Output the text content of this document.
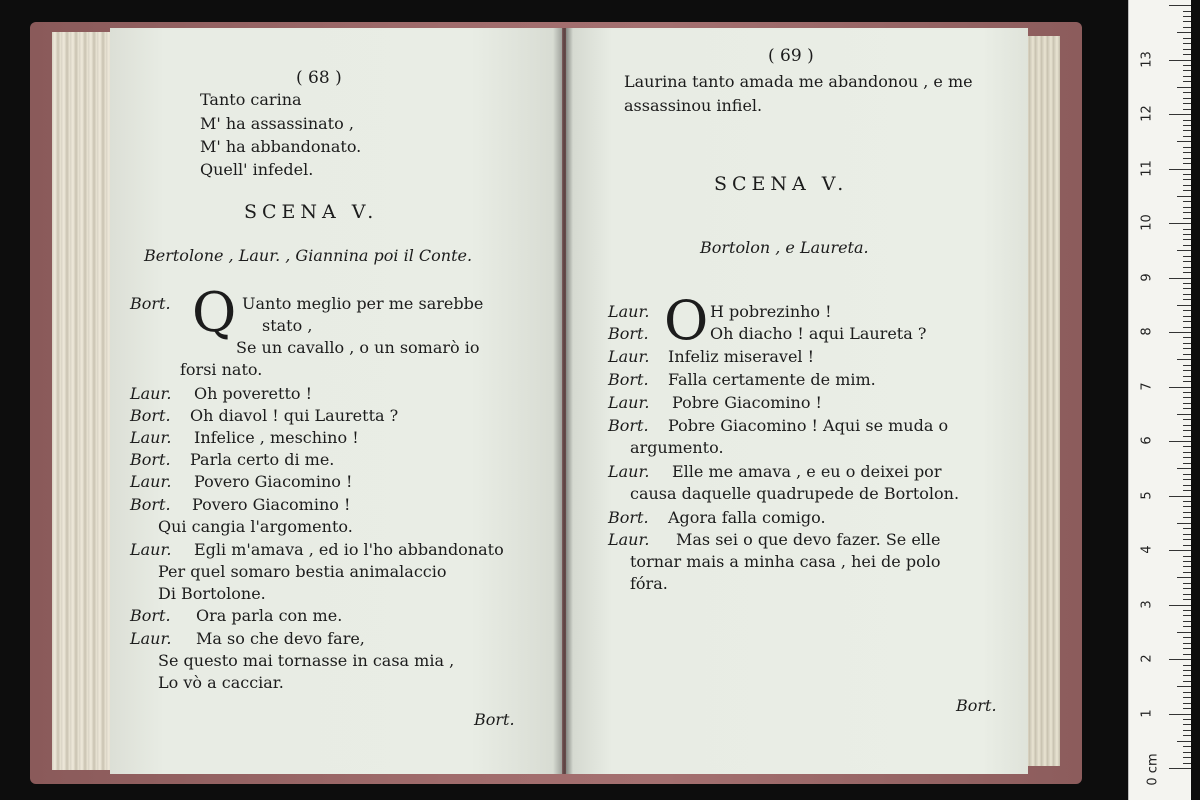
( 68 )
Tanto carina
M' ha assassinato ,
M' ha abbandonato.
Quell' infedel.
SCENA V.
Bertolone , Laur. , Giannina poi il Conte.
Q
Bort.	Uanto meglio per me sarebbe
stato ,
Se un cavallo , o un somarò io
forsi nato.
Laur. Oh poveretto !
Bort. Oh diavol ! qui Lauretta ?
Laur. Infelice , meschino !
Bort. Parla certo di me.
Laur. Povero Giacomino !
Bort. Povero Giacomino !
Qui cangia l'argomento.
Laur. Egli m'amava , ed io l'ho abbandonato
Per quel somaro bestia animalaccio
Di Bortolone.
Bort. Ora parla con me.
Laur. Ma so che devo fare,
Se questo mai tornasse in casa mia ,
Lo vò a cacciar.
Bort.
( 69 )
Laurina tanto amada me abandonou , e me
assassinou infiel.
SCENA V.
Bortolon , e Laureta.
O
Laur.	H pobrezinho !
Bort.	Oh diacho ! aqui Laureta ?
Laur. Infeliz miseravel !
Bort. Falla certamente de mim.
Laur. Pobre Giacomino !
Bort. Pobre Giacomino ! Aqui se muda o
argumento.
Laur. Elle me amava , e eu o deixei por
causa daquelle quadrupede de Bortolon.
Bort. Agora falla comigo.
Laur. Mas sei o que devo fazer. Se elle
tornar mais a minha casa , hei de polo
fóra.
Bort.
0 cm
1
2
3
4
5
6
7
8
9
10
11
12
13
